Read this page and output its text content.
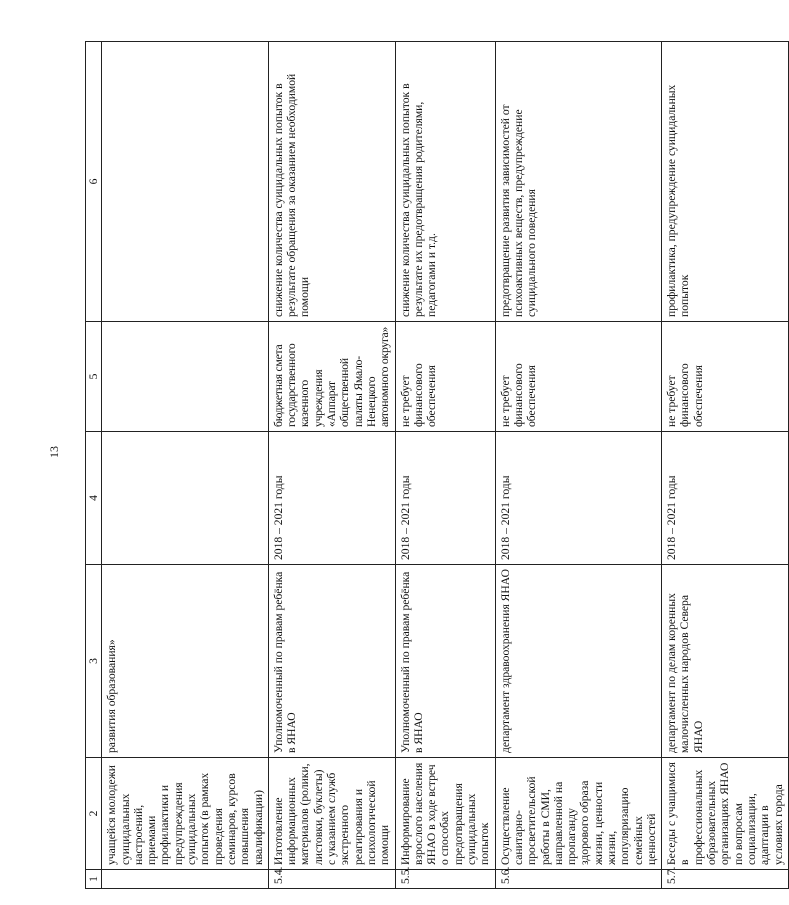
13
1	2	3	4	5	6
	учащейся молодежи суицидальных настроений, приемами профилактики и предупреждения суицидальных попыток (в рамках проведения семинаров, курсов повышения квалификации)	развития образования»			
5.4.	Изготовление информационных материалов (ролики, листовки, буклеты) с указанием служб экстренного реагирования и психологической помощи	Уполномоченный по правам ребёнка в ЯНАО	2018 – 2021 годы	бюджетная смета государственного казенного учреждения «Аппарат общественной палаты Ямало-Ненецкого автономного округа»	снижение количества суицидальных попыток в результате обращения за оказанием необходимой помощи
5.5.	Информирование взрослого населения ЯНАО в ходе встреч о способах предотвращения суицидальных попыток	Уполномоченный по правам ребёнка в ЯНАО	2018 – 2021 годы	не требует финансового обеспечения	снижение количества суицидальных попыток в результате их предотвращения родителями, педагогами и т.д.
5.6.	Осуществление санитарно-просветительской работы в СМИ, направленной на пропаганду здорового образа жизни, ценности жизни, популяризацию семейных ценностей	департамент здравоохранения ЯНАО	2018 – 2021 годы	не требует финансового обеспечения	предотвращение развития зависимостей от психоактивных веществ, предупреждение суицидального поведения
5.7.	Беседы с учащимися в профессиональных образовательных организациях ЯНАО по вопросам социализации, адаптации в условиях города	департамент по делам коренных малочисленных народов Севера ЯНАО	2018 – 2021 годы	не требует финансового обеспечения	профилактика, предупреждение суицидальных попыток
